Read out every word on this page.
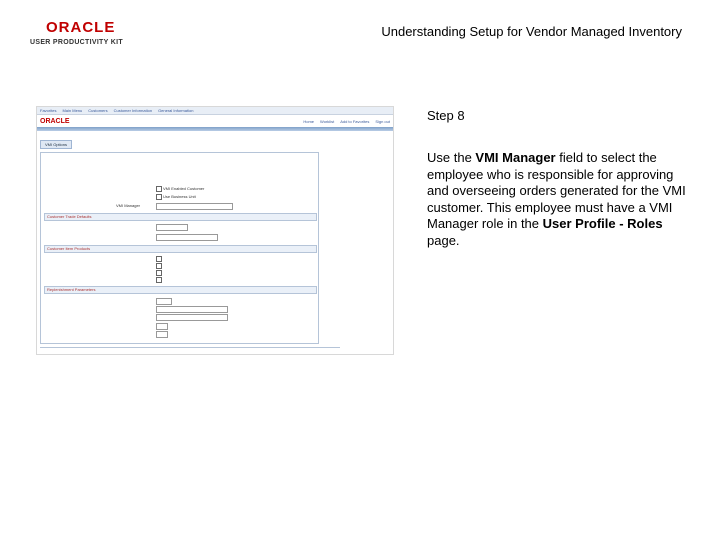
ORACLE
USER PRODUCTIVITY KIT
Understanding Setup for Vendor Managed Inventory
Favorites Main Menu Customers Customer Information General Information
ORACLE	Home Worklist Add to Favorites Sign out
VMI Options
VMI Enabled Customer
Use Business Unit
VMI Manager
Customer Trade Defaults
Customer Item Products
Replenishment Parameters
Step 8
Use the VMI Manager field to select the employee who is responsible for approving and overseeing orders generated for the VMI customer. This employee must have a VMI Manager role in the User Profile - Roles page.
